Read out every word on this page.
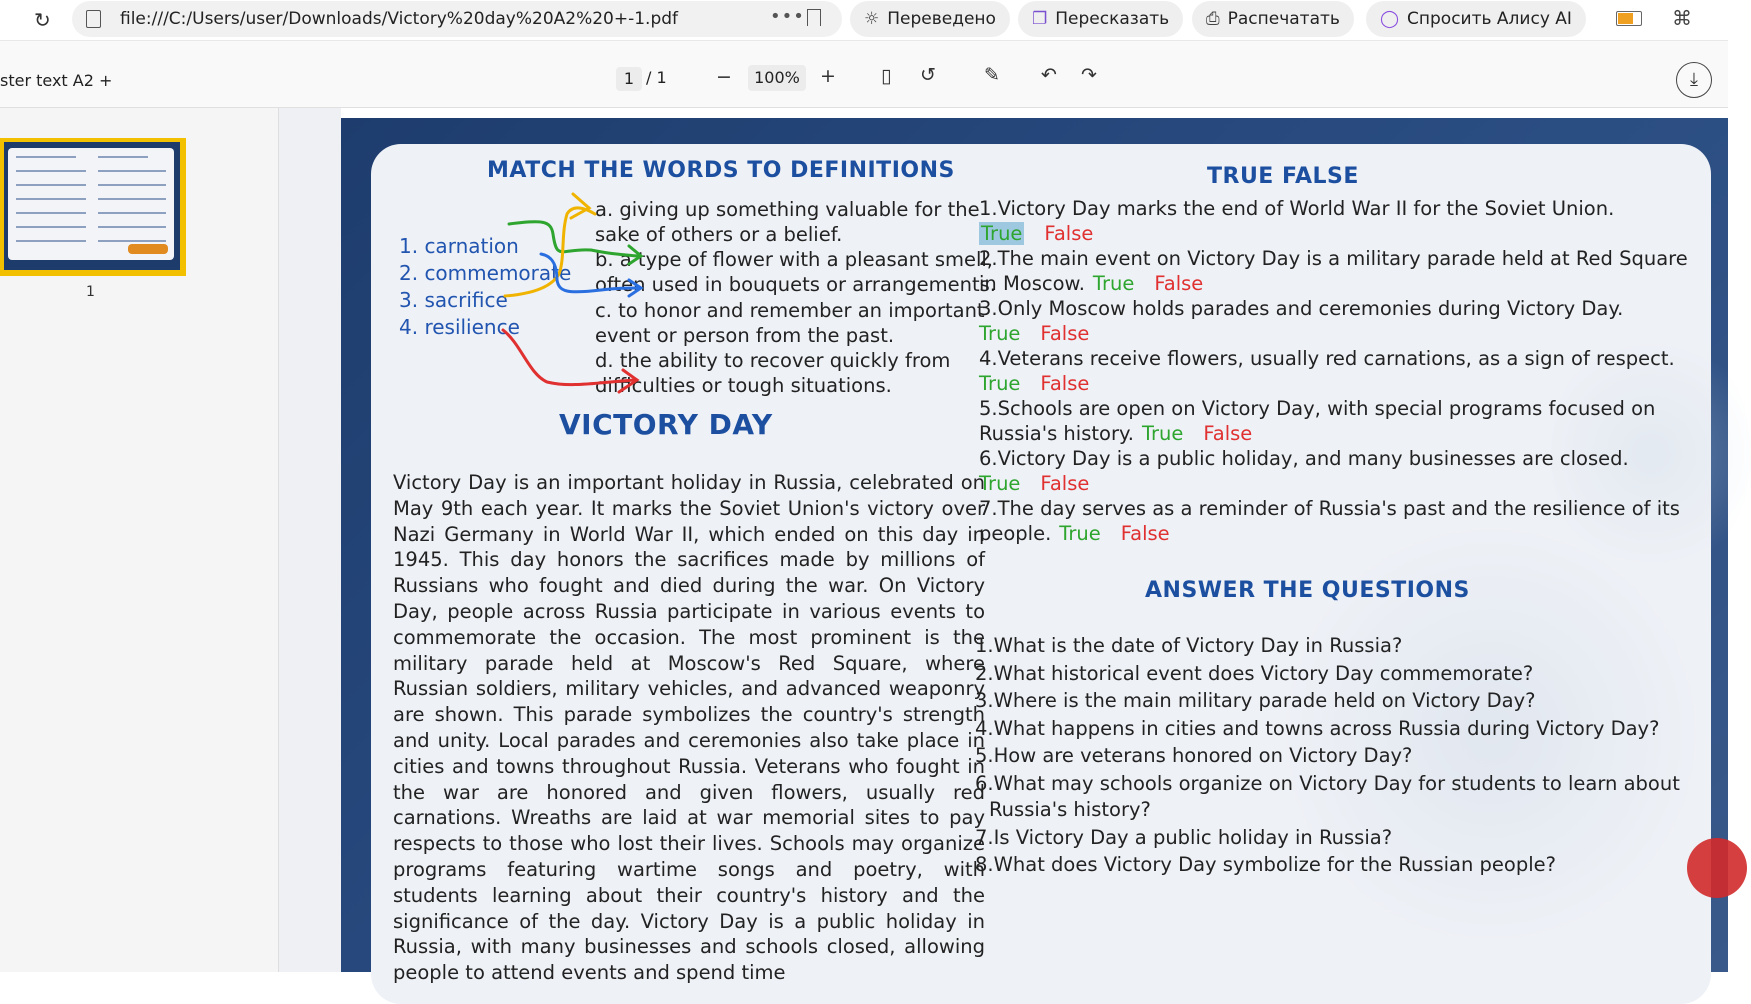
↻	file:///C:/Users/user/Downloads/Victory%20day%20A2%20+-1.pdf	•••	☼ Переведено ❐ Пересказать ⎙ Распечатать ◯ Спросить Алису AI	⌘
ster text A2 +	1 / 1	−	100%	+ ▯ ↺	✎ ↶ ↷	⤓
1
MATCH THE WORDS TO DEFINITIONS
1. carnation
2. commemorate
3. sacrifice
4. resilience
a. giving up something valuable for the
sake of others or a belief.
b. a type of flower with a pleasant smell,
often used in bouquets or arrangements.
c. to honor and remember an important
event or person from the past.
d. the ability to recover quickly from
difficulties or tough situations.
VICTORY DAY
Victory Day is an important holiday in Russia, celebrated on May 9th each year. It marks the Soviet Union's victory over Nazi Germany in World War II, which ended on this day in 1945. This day honors the sacrifices made by millions of Russians who fought and died during the war. On Victory Day, people across Russia participate in various events to commemorate the occasion. The most prominent is the military parade held at Moscow's Red Square, where Russian soldiers, military vehicles, and advanced weaponry are shown. This parade symbolizes the country's strength and unity. Local parades and ceremonies also take place in cities and towns throughout Russia. Veterans who fought in the war are honored and given flowers, usually red carnations. Wreaths are laid at war memorial sites to pay respects to those who lost their lives. Schools may organize programs featuring wartime songs and poetry, with students learning about their country's history and the significance of the day. Victory Day is a public holiday in Russia, with many businesses and schools closed, allowing people to attend events and spend time
TRUE FALSE
1.Victory Day marks the end of World War II for the Soviet Union.
True False
2.The main event on Victory Day is a military parade held at Red Square
in Moscow. True False
3.Only Moscow holds parades and ceremonies during Victory Day.
True False
4.Veterans receive flowers, usually red carnations, as a sign of respect.
True False
5.Schools are open on Victory Day, with special programs focused on
Russia's history. True False
6.Victory Day is a public holiday, and many businesses are closed.
True False
7.The day serves as a reminder of Russia's past and the resilience of its
people. True False
ANSWER THE QUESTIONS
1.What is the date of Victory Day in Russia?
2.What historical event does Victory Day commemorate?
3.Where is the main military parade held on Victory Day?
4.What happens in cities and towns across Russia during Victory Day?
5.How are veterans honored on Victory Day?
6.What may schools organize on Victory Day for students to learn about
Russia's history?
7.Is Victory Day a public holiday in Russia?
8.What does Victory Day symbolize for the Russian people?
